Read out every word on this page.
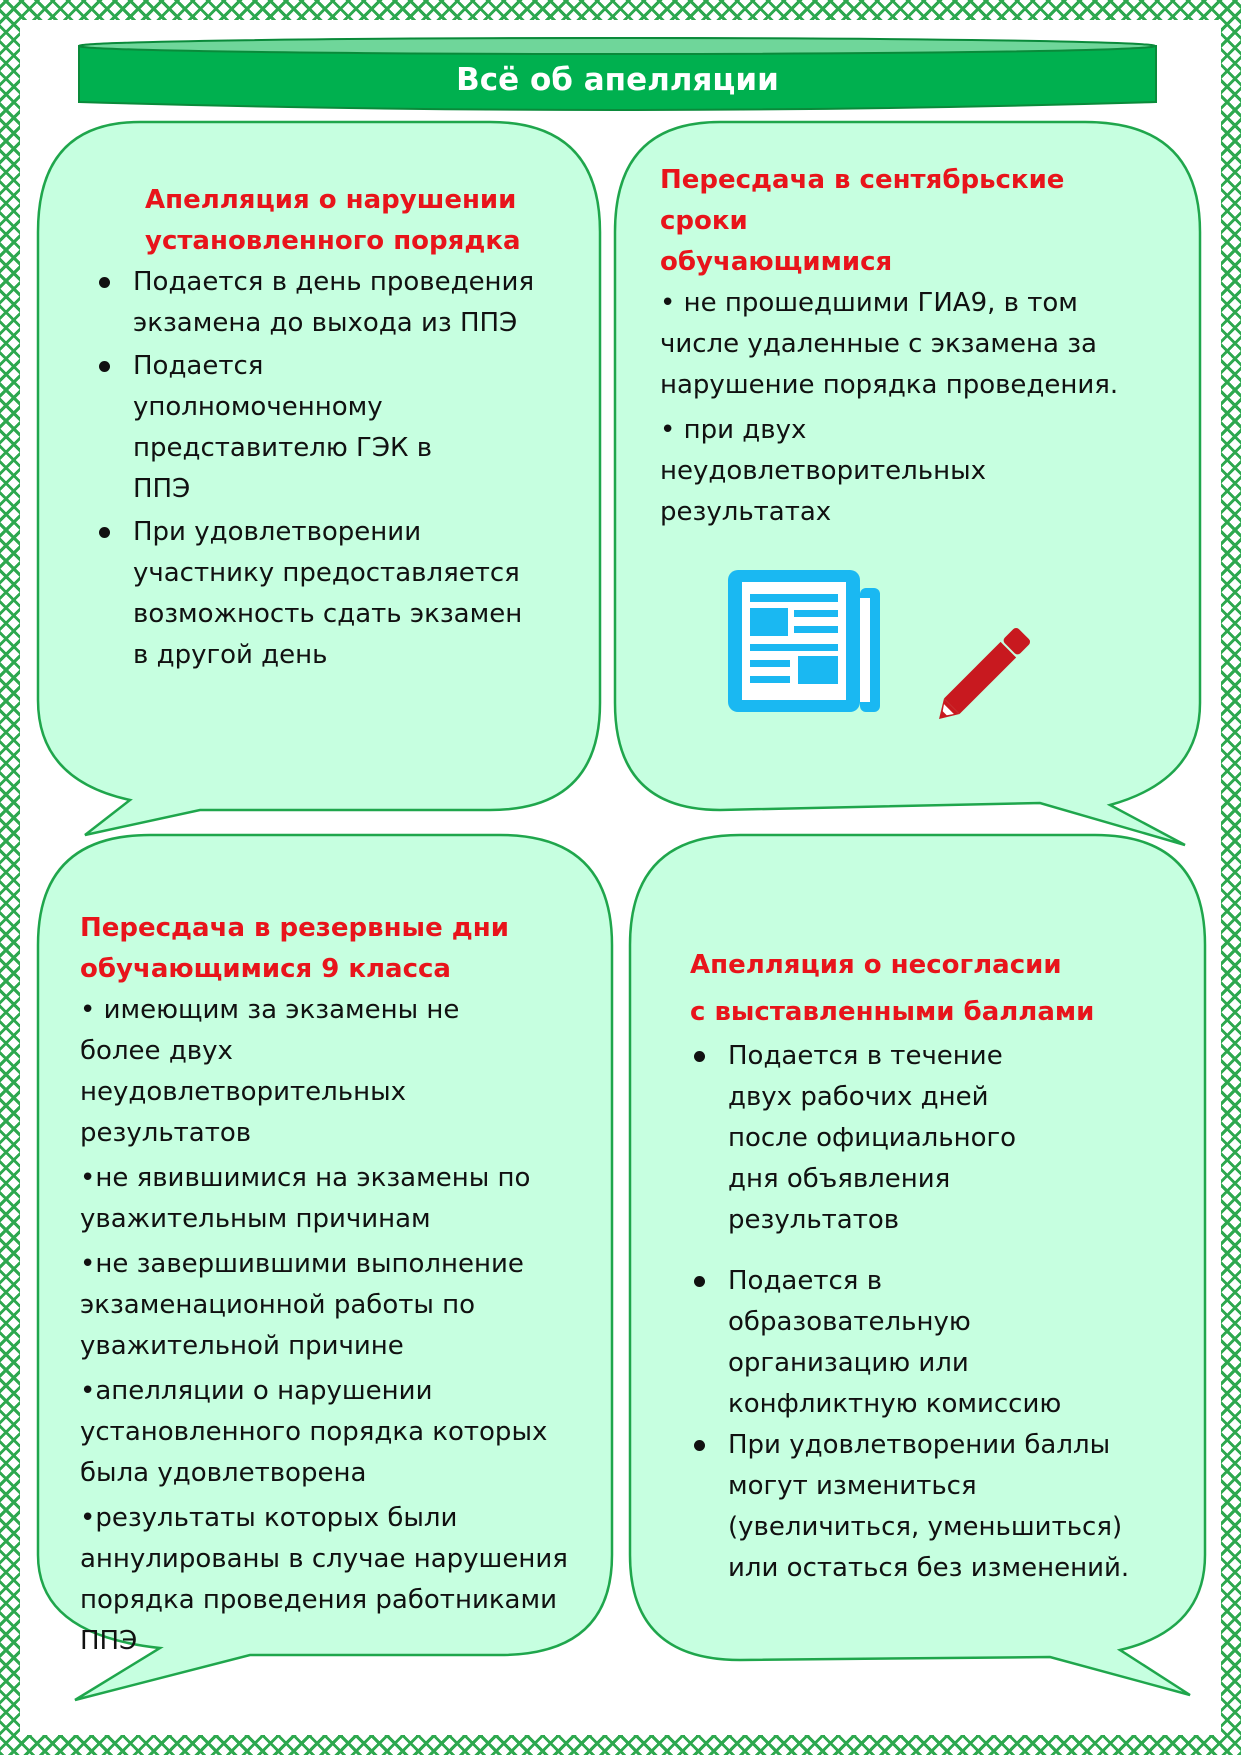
Всё об апелляции
Апелляция о нарушении
установленного порядка
Подается в день проведения экзамена до выхода из ППЭ
Подается уполномоченному представителю ГЭК в ППЭ
При удовлетворении участнику предоставляется возможность сдать экзамен в другой день
Пересдача в сентябрьские сроки
обучающимися

• не прошедшими ГИА9, в том числе удаленные с экзамена за нарушение порядка проведения.

• при двух неудовлетворительных результатах

Пересдача в резервные дни
обучающимися 9 класса

• имеющим за экзамены не более двух неудовлетворительных результатов

•не явившимися на экзамены по уважительным причинам

•не завершившими выполнение экзаменационной работы по уважительной причине

•апелляции о нарушении установленного порядка которых была удовлетворена

•результаты которых были аннулированы в случае нарушения порядка проведения работниками ППЭ

Апелляция о несогласии
с выставленными баллами
Подается в течение двух рабочих дней после официального дня объявления результатов
Подается в образовательную организацию или конфликтную комиссию
При удовлетворении баллы могут измениться (увеличиться, уменьшиться) или остаться без изменений.
